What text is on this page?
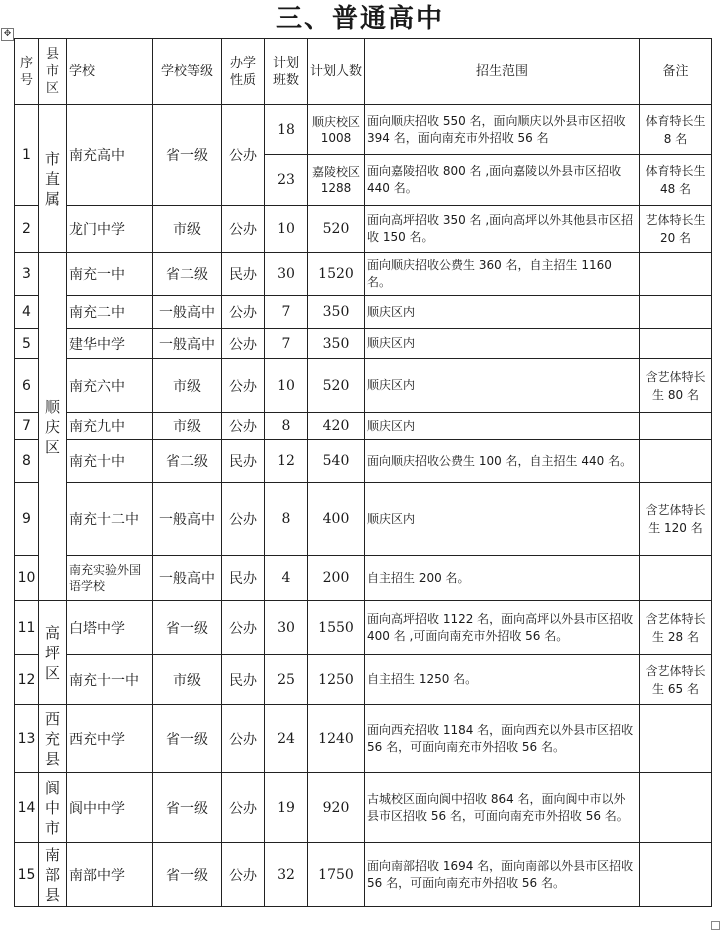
三、普通高中
✥
序号	县市区	学校	学校等级	办学性质	计划班数	计划人数	招生范围	备注
1	市直属	南充高中	省一级	公办	18	顺庆校区1008	面向顺庆招收 550 名，面向顺庆以外县市区招收 394 名，面向南充市外招收 56 名	体育特长生 8 名
					23	嘉陵校区1288	面向嘉陵招收 800 名 ,面向嘉陵以外县市区招收 440 名。	体育特长生 48 名
2		龙门中学	市级	公办	10	520	面向高坪招收 350 名 ,面向高坪以外其他县市区招收 150 名。	艺体特长生 20 名
3	顺庆区	南充一中	省二级	民办	30	1520	面向顺庆招收公费生 360 名，自主招生 1160 名。	
4		南充二中	一般高中	公办	7	350	顺庆区内	
5		建华中学	一般高中	公办	7	350	顺庆区内	
6		南充六中	市级	公办	10	520	顺庆区内	含艺体特长生 80 名
7		南充九中	市级	公办	8	420	顺庆区内	
8		南充十中	省二级	民办	12	540	面向顺庆招收公费生 100 名，自主招生 440 名。	
9		南充十二中	一般高中	公办	8	400	顺庆区内	含艺体特长生 120 名
10		南充实验外国语学校	一般高中	民办	4	200	自主招生 200 名。	
11	高坪区	白塔中学	省一级	公办	30	1550	面向高坪招收 1122 名，面向高坪以外县市区招收 400 名 ,可面向南充市外招收 56 名。	含艺体特长生 28 名
12		南充十一中	市级	民办	25	1250	自主招生 1250 名。	含艺体特长生 65 名
13	西充县	西充中学	省一级	公办	24	1240	面向西充招收 1184 名，面向西充以外县市区招收 56 名，可面向南充市外招收 56 名。	
14	阆中市	阆中中学	省一级	公办	19	920	古城校区面向阆中招收 864 名，面向阆中市以外县市区招收 56 名，可面向南充市外招收 56 名。	
15	南部县	南部中学	省一级	公办	32	1750	面向南部招收 1694 名，面向南部以外县市区招收 56 名，可面向南充市外招收 56 名。	
